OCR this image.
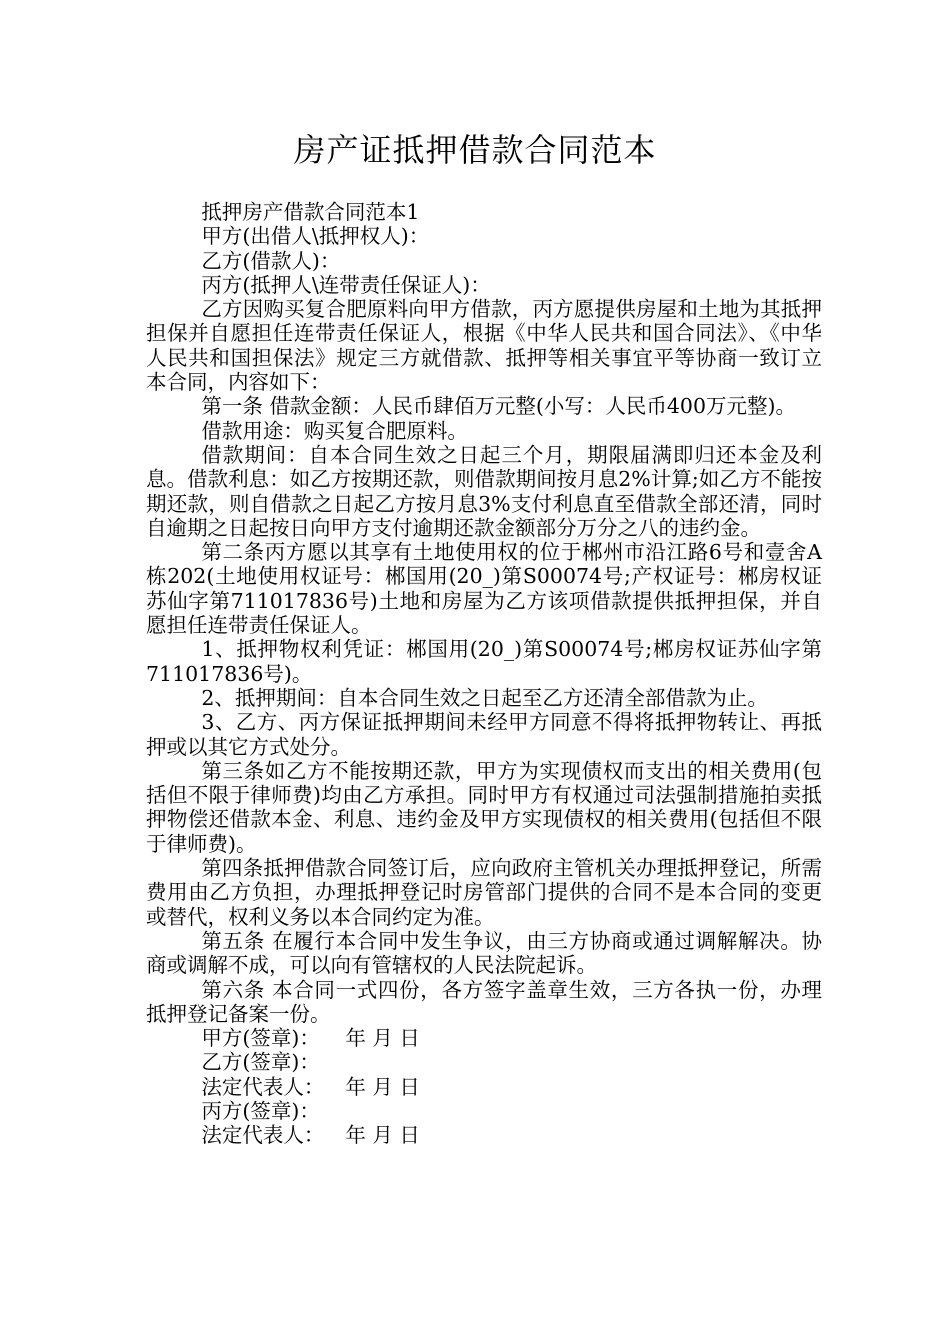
房产证抵押借款合同范本

抵押房产借款合同范本1

甲方(出借人\抵押权人)：

乙方(借款人)：

丙方(抵押人\连带责任保证人)：

乙方因购买复合肥原料向甲方借款，丙方愿提供房屋和土地为其抵押担保并自愿担任连带责任保证人，根据《中华人民共和国合同法》、《中华人民共和国担保法》规定三方就借款、抵押等相关事宜平等协商一致订立本合同，内容如下：

第一条 借款金额：人民币肆佰万元整(小写：人民币400万元整)。

借款用途：购买复合肥原料。

借款期间：自本合同生效之日起三个月，期限届满即归还本金及利息。借款利息：如乙方按期还款，则借款期间按月息2%计算;如乙方不能按期还款，则自借款之日起乙方按月息3%支付利息直至借款全部还清，同时自逾期之日起按日向甲方支付逾期还款金额部分万分之八的违约金。

第二条丙方愿以其享有土地使用权的位于郴州市沿江路6号和壹舍A栋202(土地使用权证号：郴国用(20_)第S00074号;产权证号：郴房权证苏仙字第711017836号)土地和房屋为乙方该项借款提供抵押担保，并自愿担任连带责任保证人。

1、抵押物权利凭证：郴国用(20_)第S00074号;郴房权证苏仙字第711017836号)。

2、抵押期间：自本合同生效之日起至乙方还清全部借款为止。

3、乙方、丙方保证抵押期间未经甲方同意不得将抵押物转让、再抵押或以其它方式处分。

第三条如乙方不能按期还款，甲方为实现债权而支出的相关费用(包括但不限于律师费)均由乙方承担。同时甲方有权通过司法强制措施拍卖抵押物偿还借款本金、利息、违约金及甲方实现债权的相关费用(包括但不限于律师费)。

第四条抵押借款合同签订后，应向政府主管机关办理抵押登记，所需费用由乙方负担，办理抵押登记时房管部门提供的合同不是本合同的变更或替代，权利义务以本合同约定为准。

第五条 在履行本合同中发生争议，由三方协商或通过调解解决。协商或调解不成，可以向有管辖权的人民法院起诉。

第六条 本合同一式四份，各方签字盖章生效，三方各执一份，办理抵押登记备案一份。

甲方(签章)： 年 月 日

乙方(签章)：

法定代表人： 年 月 日

丙方(签章)：

法定代表人： 年 月 日
